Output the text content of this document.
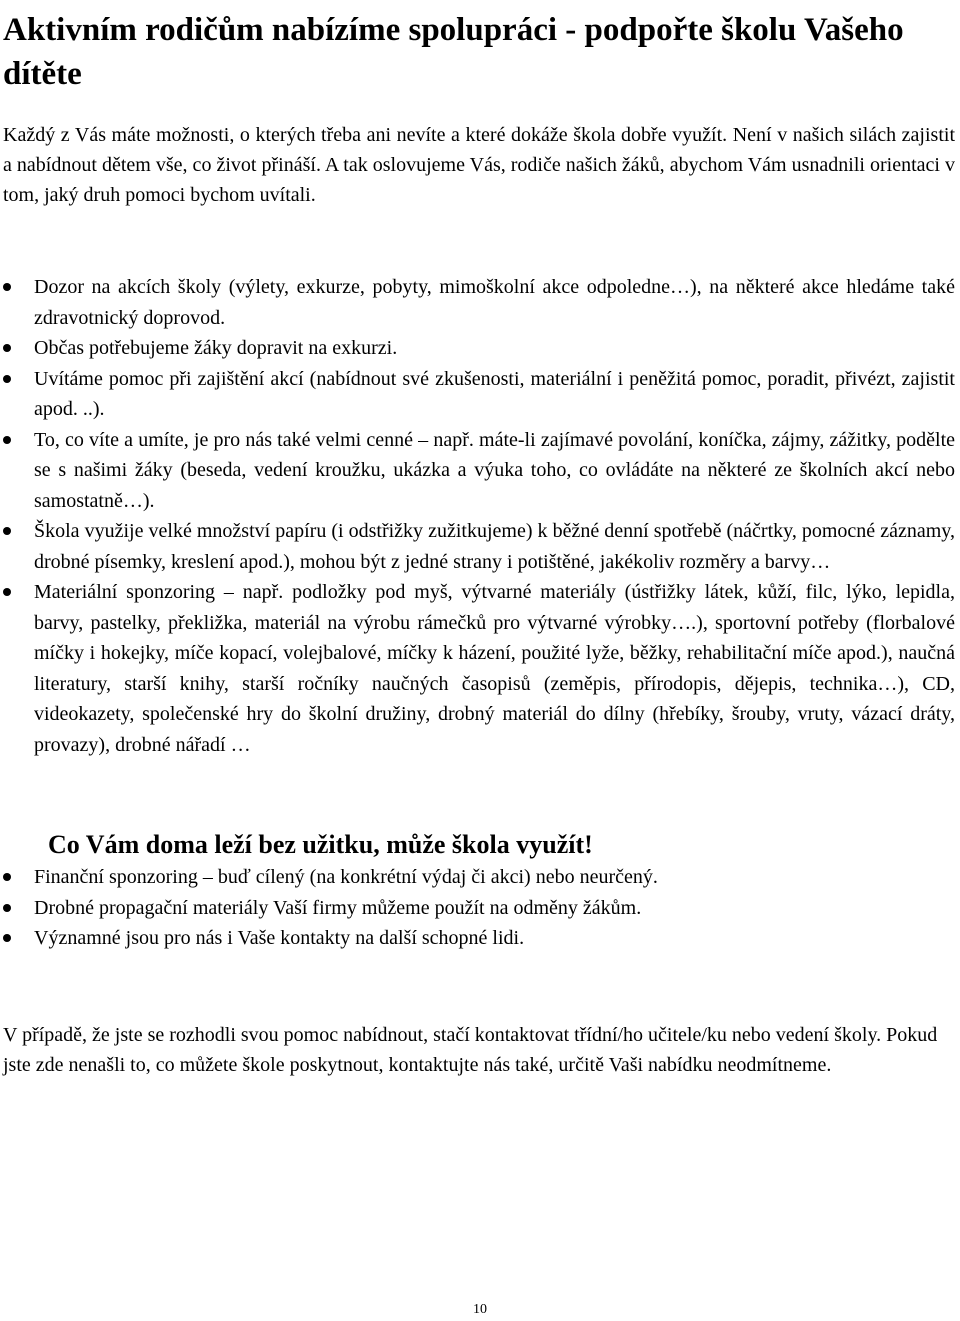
Aktivním rodičům nabízíme spolupráci - podpořte školu Vašeho dítěte

Každý z Vás máte možnosti, o kterých třeba ani nevíte a které dokáže škola dobře využít. Není v našich silách zajistit a nabídnout dětem vše, co život přináší. A tak oslovujeme Vás, rodiče našich žáků, abychom Vám usnadnili orientaci v tom, jaký druh pomoci bychom uvítali.

Dozor na akcích školy (výlety, exkurze, pobyty, mimoškolní akce odpoledne…), na některé akce hledáme také zdravotnický doprovod.
Občas potřebujeme žáky dopravit na exkurzi.
Uvítáme pomoc při zajištění akcí (nabídnout své zkušenosti, materiální i peněžitá pomoc, poradit, přivézt, zajistit apod. ..).
To, co víte a umíte, je pro nás také velmi cenné – např. máte-li zajímavé povolání, koníčka, zájmy, zážitky, podělte se s našimi žáky (beseda, vedení kroužku, ukázka a výuka toho, co ovládáte na některé ze školních akcí nebo samostatně…).
Škola využije velké množství papíru (i odstřižky zužitkujeme) k běžné denní spotřebě (náčrtky, pomocné záznamy, drobné písemky, kreslení apod.), mohou být z jedné strany i potištěné, jakékoliv rozměry a barvy…
Materiální sponzoring – např. podložky pod myš, výtvarné materiály (ústřižky látek, kůží, filc, lýko, lepidla, barvy, pastelky, překližka, materiál na výrobu rámečků pro výtvarné výrobky….), sportovní potřeby (florbalové míčky i hokejky, míče kopací, volejbalové, míčky k házení, použité lyže, běžky, rehabilitační míče apod.), naučná literatury, starší knihy, starší ročníky naučných časopisů (zeměpis, přírodopis, dějepis, technika…), CD, videokazety, společenské hry do školní družiny, drobný materiál do dílny (hřebíky, šrouby, vruty, vázací dráty, provazy), drobné nářadí …

Co Vám doma leží bez užitku, může škola využít!

Finanční sponzoring – buď cílený (na konkrétní výdaj či akci) nebo neurčený.
Drobné propagační materiály Vaší firmy můžeme použít na odměny žákům.
Významné jsou pro nás i Vaše kontakty na další schopné lidi.

V případě, že jste se rozhodli svou pomoc nabídnout, stačí kontaktovat třídní/ho učitele/ku nebo vedení školy. Pokud jste zde nenašli to, co můžete škole poskytnout, kontaktujte nás také, určitě Vaši nabídku neodmítneme.

10
